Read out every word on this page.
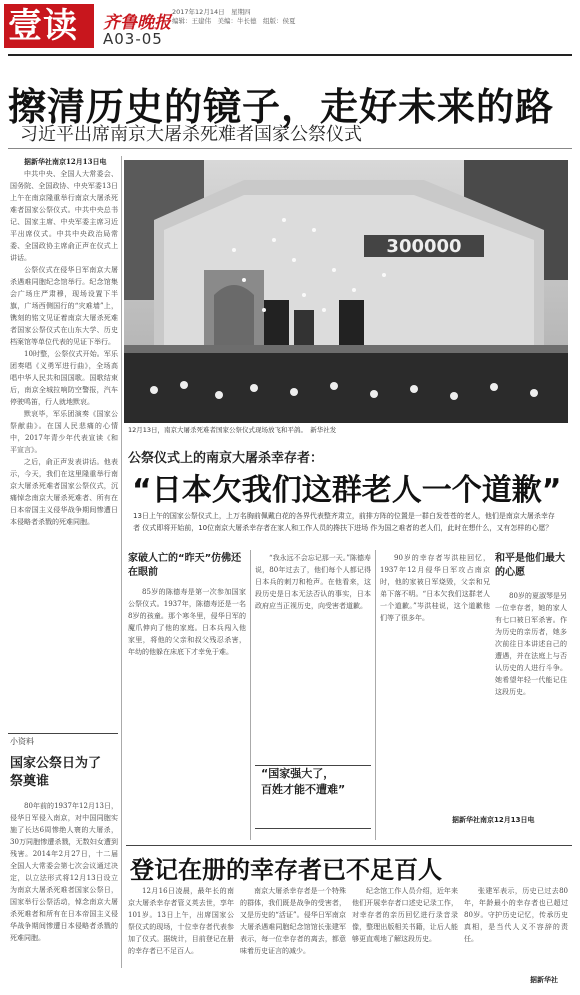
壹读	齐鲁晚报
2017年12月14日　星期四
编辑：王建伟　美编：牛长德　组版：侯夏
A03-05
擦清历史的镜子，走好未来的路
习近平出席南京大屠杀死难者国家公祭仪式

据新华社南京12月13日电

中共中央、全国人大常委会、国务院、全国政协、中央军委13日上午在南京隆重举行南京大屠杀死难者国家公祭仪式。中共中央总书记、国家主席、中央军委主席习近平出席仪式。中共中央政治局常委、全国政协主席俞正声在仪式上讲话。

公祭仪式在侵华日军南京大屠杀遇难同胞纪念馆举行。纪念馆集会广场庄严肃穆，现场设置下半旗，广场西侧国行的“灾难墙”上，镌刻的铭文见证着南京大屠杀死难者国家公祭仪式在山东大学、历史档案馆等单位代表的见证下举行。

10时整，公祭仪式开始。军乐团奏唱《义勇军进行曲》，全场高唱中华人民共和国国歌。国歌结束后，南京全城拉响防空警报，汽车停驶鸣笛，行人就地默哀。

默哀毕，军乐团演奏《国家公祭献曲》。在国人民悲痛的心情中，2017年青少年代表宣读《和平宣言》。

之后，俞正声发表讲话。他表示，今天，我们在这里隆重举行南京大屠杀死难者国家公祭仪式，沉痛悼念南京大屠杀死难者、所有在日本帝国主义侵华战争期间惨遭日本侵略者杀戮的死难同胞。

300000
12月13日，南京大屠杀死难者国家公祭仪式现场放飞和平鸽。　新华社发
公祭仪式上的南京大屠杀幸存者：
“日本欠我们这群老人一个道歉”
13日上午的国家公祭仪式上，上万名胸前佩戴白花的各界代表整齐肃立，前排方阵的位置是一群白发苍苍的老人，他们是南京大屠杀幸存者 仪式即将开始前，10位南京大屠杀幸存者在家人和工作人员的搀扶下进场 作为国之难者的老人们，此时在想什么，又有怎样的心愿？
家破人亡的“昨天”仿佛还在眼前
85岁的陈德寿是第一次参加国家公祭仪式。1937年，陈德寿还是一名8岁的孩童。那个寒冬里，侵华日军的魔爪伸向了他的家庭。日本兵闯入他家里，将他的父亲和叔父残忍杀害，年幼的他躲在床底下才幸免于难。
“我永远不会忘记那一天。”陈德寿说，80年过去了，他们每个人都记得日本兵的刺刀和枪声。在他看来，这段历史是日本无法否认的事实，日本政府应当正视历史，向受害者道歉。
“国家强大了，
百姓才能不遭难”
90岁的幸存者岑洪桂回忆，1937年12月侵华日军攻占南京时，他的家被日军烧毁，父亲和兄弟下落不明。“日本欠我们这群老人一个道歉。”岑洪桂说，这个道歉他们等了很多年。
和平是他们最大的心愿
80岁的夏淑琴是另一位幸存者，她的家人有七口被日军杀害。作为历史的亲历者，她多次前往日本讲述自己的遭遇，并在法庭上与否认历史的人进行斗争。她希望年轻一代能记住这段历史。
据新华社南京12月13日电
小资料
国家公祭日为了祭奠谁
80年前的1937年12月13日，侵华日军侵入南京，对中国同胞实施了长达6周惨绝人寰的大屠杀，30万同胞惨遭杀戮，无数妇女遭到残害。2014年2月27日，十二届全国人大常委会第七次会议通过决定，以立法形式将12月13日设立为南京大屠杀死难者国家公祭日，国家举行公祭活动，悼念南京大屠杀死难者和所有在日本帝国主义侵华战争期间惨遭日本侵略者杀戮的死难同胞。
登记在册的幸存者已不足百人
12月16日凌晨，最年长的南京大屠杀幸存者管义英去世，享年101岁。13日上午，出席国家公祭仪式的现场，十位幸存者代表参加了仪式。据统计，目前登记在册的幸存者已不足百人。
南京大屠杀幸存者是一个特殊的群体，我们既是战争的受害者，又是历史的“活证”。侵华日军南京大屠杀遇难同胞纪念馆馆长张建军表示，每一位幸存者的离去，都意味着历史证言的减少。
纪念馆工作人员介绍，近年来他们开展幸存者口述史记录工作，对幸存者的亲历回忆进行录音录像，整理出版相关书籍，让后人能够更直观地了解这段历史。
张建军表示，历史已过去80年，年龄最小的幸存者也已超过80岁。守护历史记忆，传承历史真相，是当代人义不容辞的责任。
据新华社
